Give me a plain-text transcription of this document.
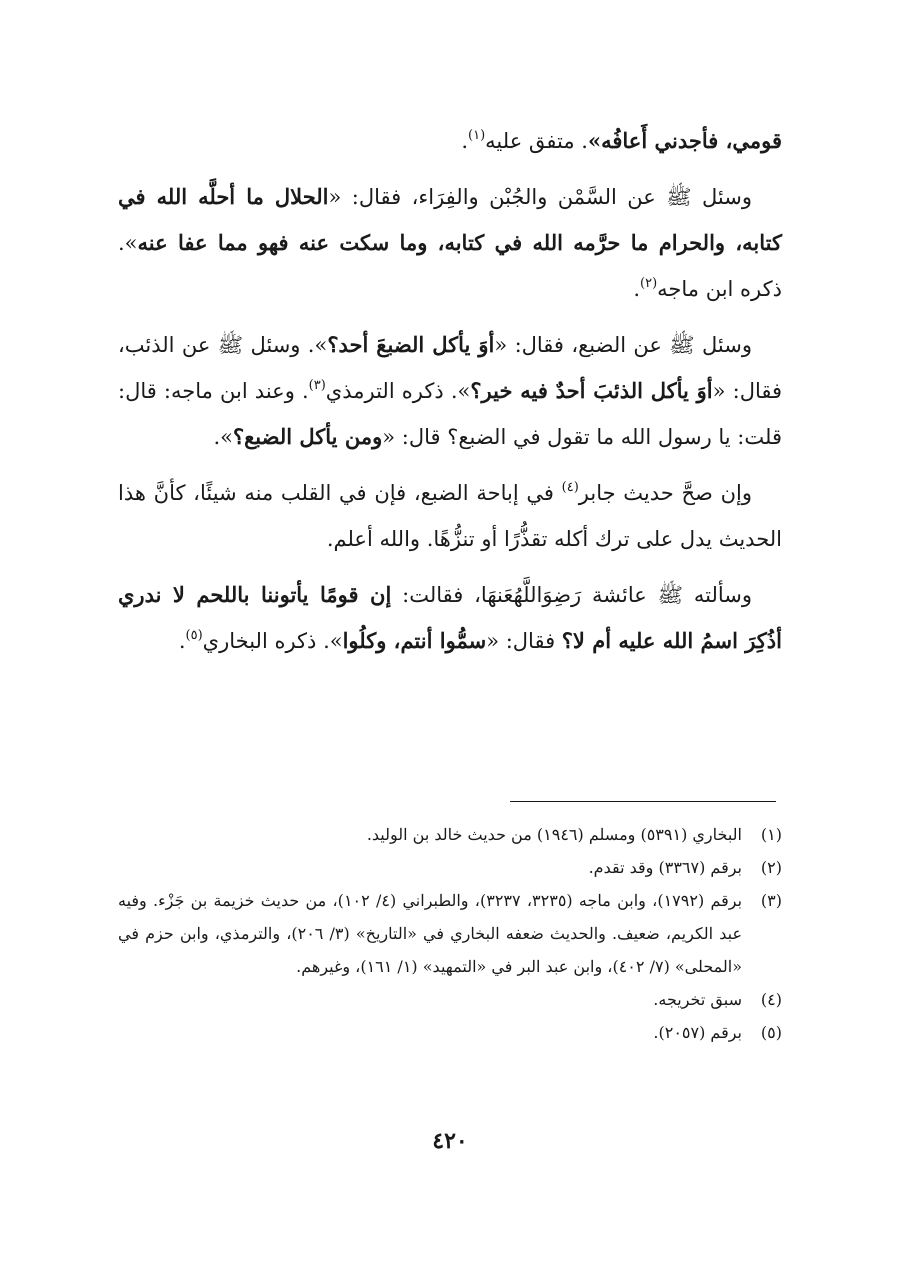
قومي، فأجدني أَعافُه». متفق عليه$^{(١)}$.

وسئل ﷺ عن السَّمْن والجُبْن والفِرَاء، فقال: «الحلال ما أحلَّه الله في كتابه، والحرام ما حرَّمه الله في كتابه، وما سكت عنه فهو مما عفا عنه». ذكره ابن ماجه$^{(٢)}$.

وسئل ﷺ عن الضبع، فقال: «أوَ يأكل الضبعَ أحد؟». وسئل ﷺ عن الذئب، فقال: «أوَ يأكل الذئبَ أحدٌ فيه خير؟». ذكره الترمذي$^{(٣)}$. وعند ابن ماجه: قال: قلت: يا رسول الله ما تقول في الضبع؟ قال: «ومن يأكل الضبع؟».

وإن صحَّ حديث جابر$^{(٤)}$ في إباحة الضبع، فإن في القلب منه شيئًا، كأنَّ هذا الحديث يدل على ترك أكله تقذُّرًا أو تنزُّهًا. والله أعلم.

وسألته ﷺ عائشة رَضِوَاللَّهُعَنهَا، فقالت: إن قومًا يأتوننا باللحم لا ندري أذُكِرَ اسمُ الله عليه أم لا؟ فقال: «سمُّوا أنتم، وكلُوا». ذكره البخاري$^{(٥)}$.

(١)
البخاري (٥٣٩١) ومسلم (١٩٤٦) من حديث خالد بن الوليد.
(٢)
برقم (٣٣٦٧) وقد تقدم.
(٣)
برقم (١٧٩٢)، وابن ماجه (٣٢٣٥، ٣٢٣٧)، والطبراني (٤/ ١٠٢)، من حديث خزيمة بن جَزْء. وفيه عبد الكريم، ضعيف. والحديث ضعفه البخاري في «التاريخ» (٣/ ٢٠٦)، والترمذي، وابن حزم في «المحلى» (٧/ ٤٠٢)، وابن عبد البر في «التمهيد» (١/ ١٦١)، وغيرهم.
(٤)
سبق تخريجه.
(٥)
برقم (٢٠٥٧).
٤٢٠
